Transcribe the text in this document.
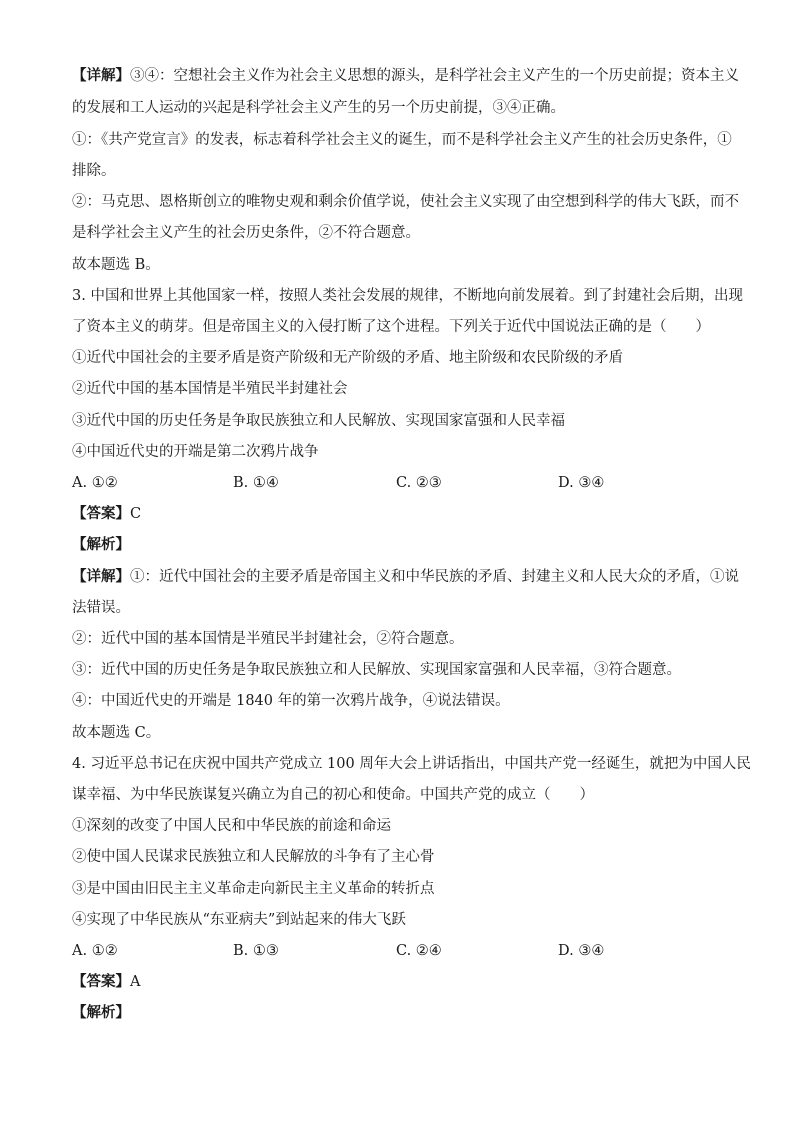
【详解】③④：空想社会主义作为社会主义思想的源头，是科学社会主义产生的一个历史前提；资本主义
的发展和工人运动的兴起是科学社会主义产生的另一个历史前提，③④正确。
①：《共产党宣言》的发表，标志着科学社会主义的诞生，而不是科学社会主义产生的社会历史条件，①
排除。
②：马克思、恩格斯创立的唯物史观和剩余价值学说，使社会主义实现了由空想到科学的伟大飞跃，而不
是科学社会主义产生的社会历史条件，②不符合题意。
故本题选 B。
3. 中国和世界上其他国家一样，按照人类社会发展的规律，不断地向前发展着。到了封建社会后期，出现
了资本主义的萌芽。但是帝国主义的入侵打断了这个进程。下列关于近代中国说法正确的是（　　）
①近代中国社会的主要矛盾是资产阶级和无产阶级的矛盾、地主阶级和农民阶级的矛盾
②近代中国的基本国情是半殖民半封建社会
③近代中国的历史任务是争取民族独立和人民解放、实现国家富强和人民幸福
④中国近代史的开端是第二次鸦片战争
A. ①②	B. ①④	C. ②③	D. ③④
【答案】C
【解析】
【详解】①：近代中国社会的主要矛盾是帝国主义和中华民族的矛盾、封建主义和人民大众的矛盾，①说
法错误。
②：近代中国的基本国情是半殖民半封建社会，②符合题意。
③：近代中国的历史任务是争取民族独立和人民解放、实现国家富强和人民幸福，③符合题意。
④：中国近代史的开端是 1840 年的第一次鸦片战争，④说法错误。
故本题选 C。
4. 习近平总书记在庆祝中国共产党成立 100 周年大会上讲话指出，中国共产党一经诞生，就把为中国人民
谋幸福、为中华民族谋复兴确立为自己的初心和使命。中国共产党的成立（　　）
①深刻的改变了中国人民和中华民族的前途和命运
②使中国人民谋求民族独立和人民解放的斗争有了主心骨
③是中国由旧民主主义革命走向新民主主义革命的转折点
④实现了中华民族从“东亚病夫”到站起来的伟大飞跃
A. ①②	B. ①③	C. ②④	D. ③④
【答案】A
【解析】
